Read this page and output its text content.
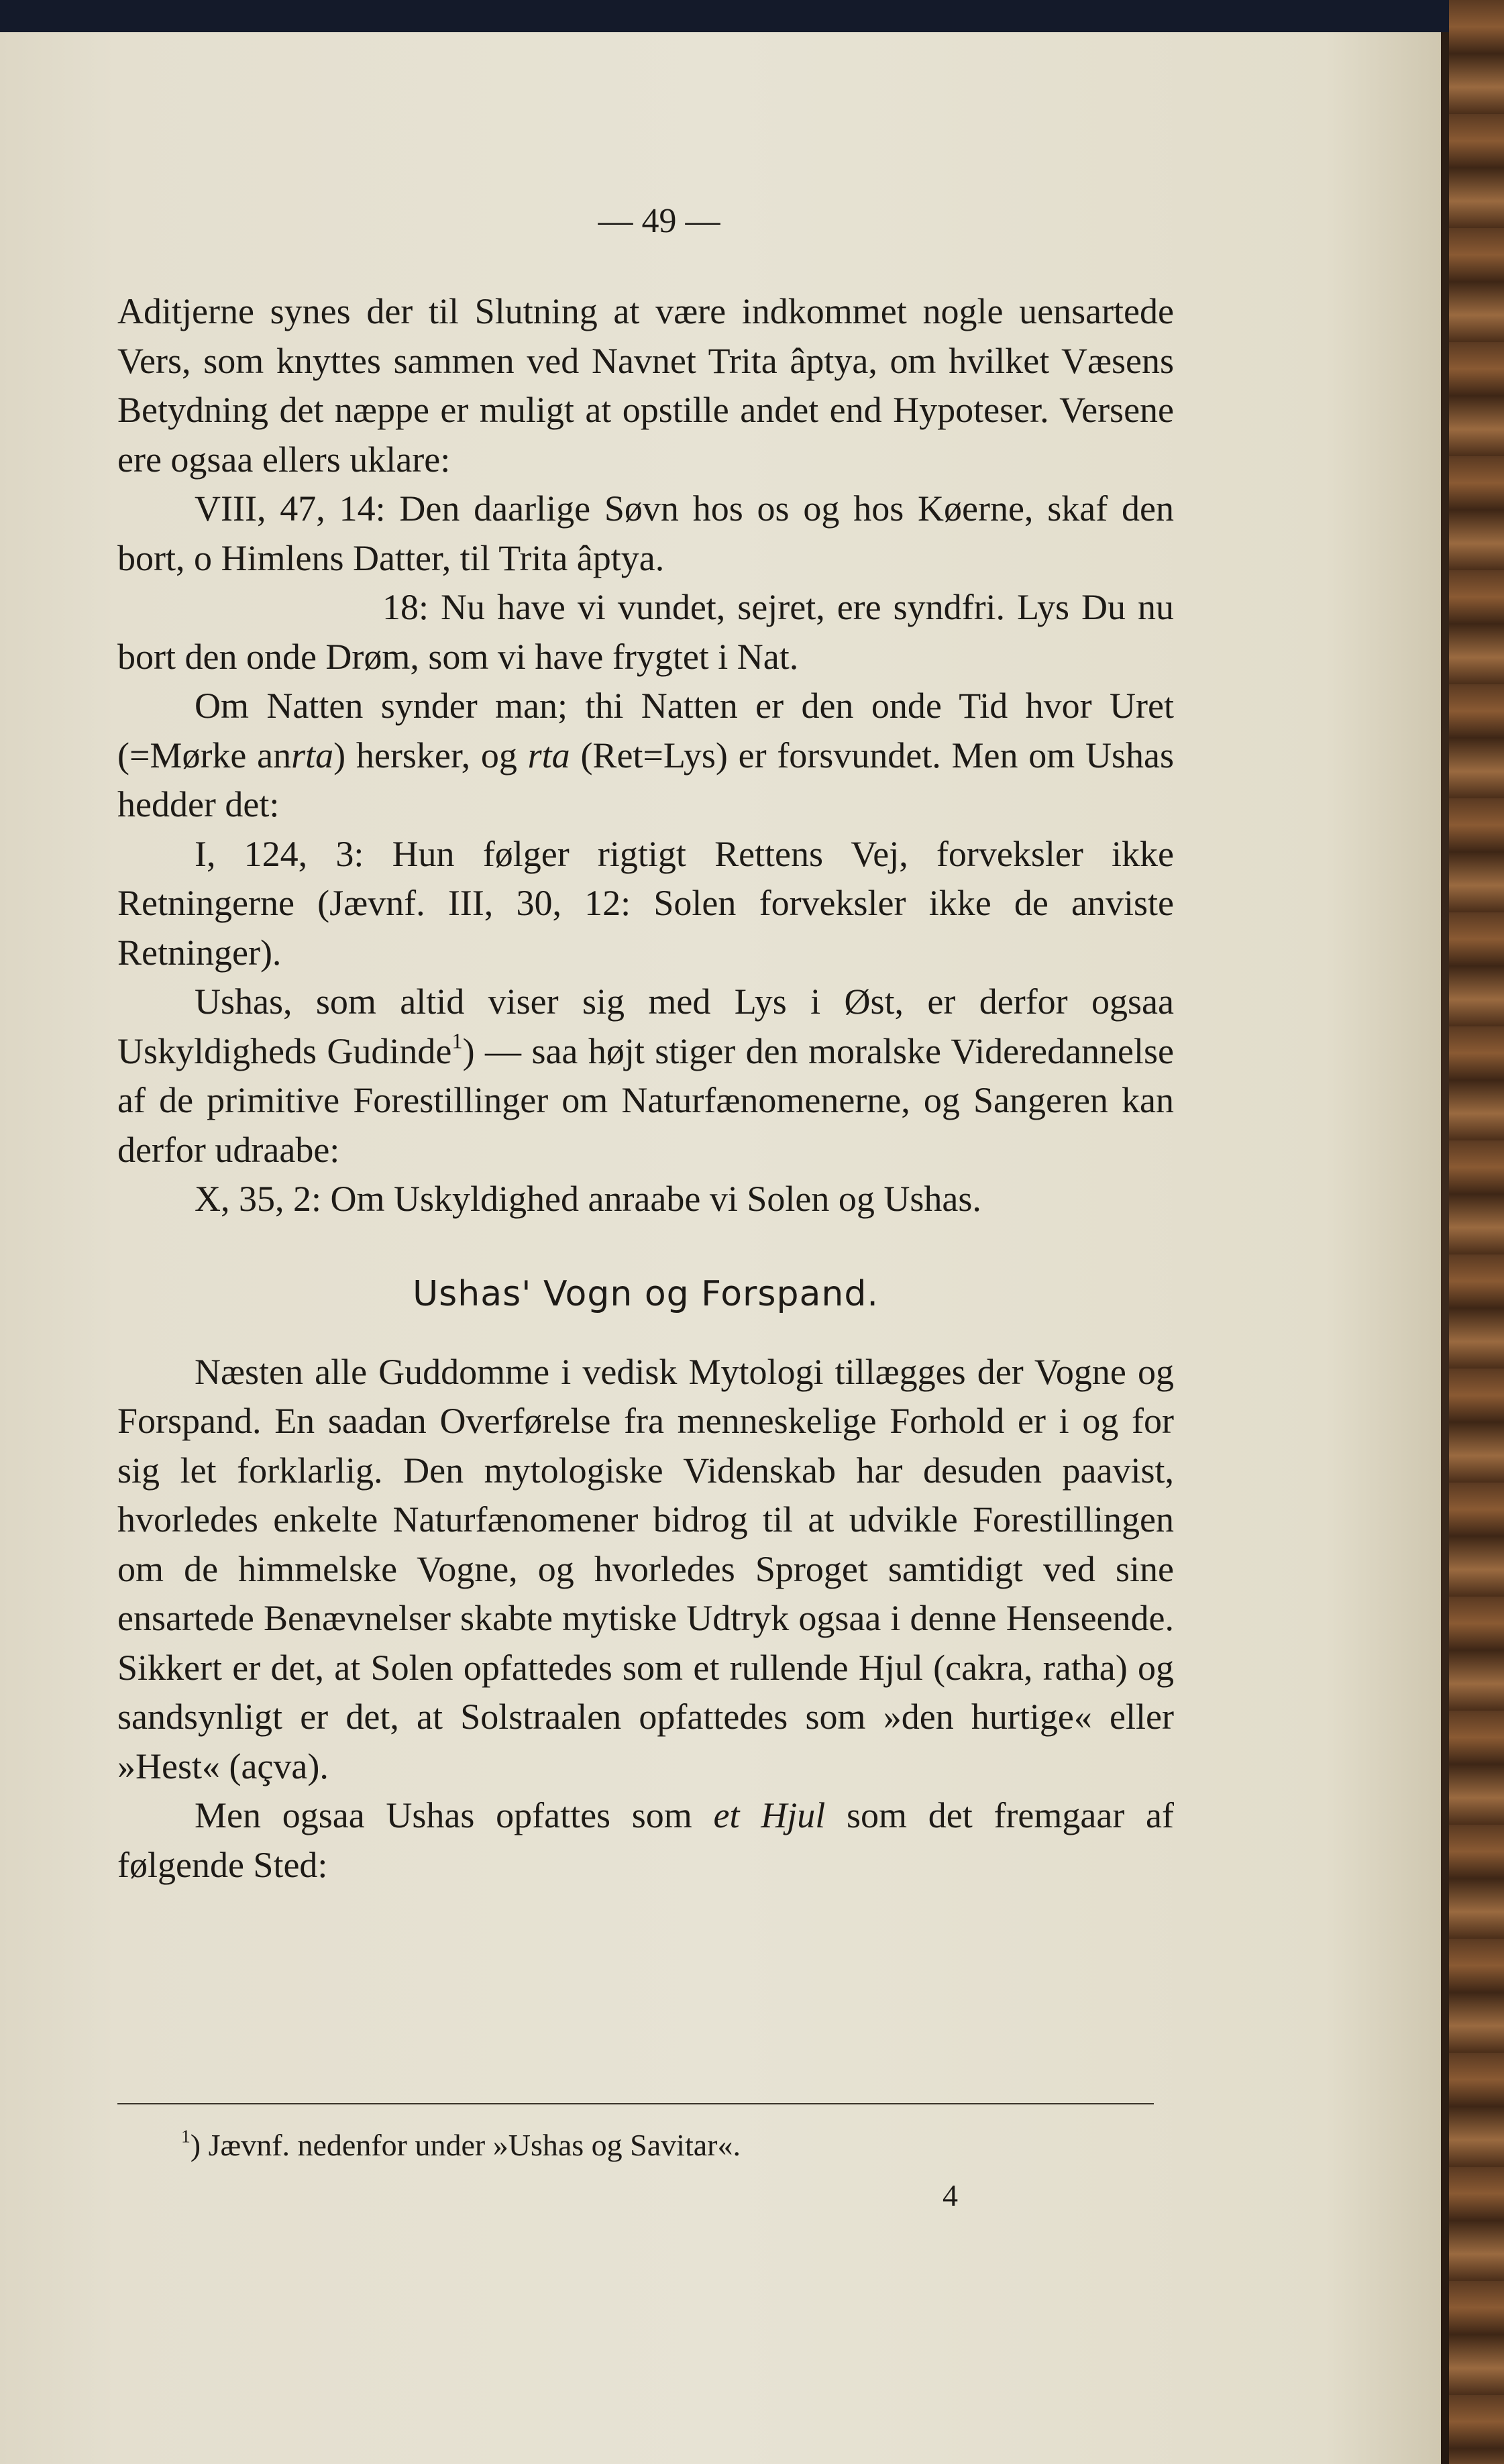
— 49 —

Aditjerne synes der til Slutning at være indkommet nogle uensartede Vers, som knyttes sammen ved Navnet Trita âptya, om hvilket Væsens Betydning det næppe er muligt at opstille andet end Hypoteser. Versene ere ogsaa ellers uklare:

VIII, 47, 14: Den daarlige Søvn hos os og hos Køerne, skaf den bort, o Himlens Datter, til Trita âptya.

18: Nu have vi vundet, sejret, ere syndfri. Lys Du nu bort den onde Drøm, som vi have frygtet i Nat.

Om Natten synder man; thi Natten er den onde Tid hvor Uret (=Mørke anrta) hersker, og rta (Ret=Lys) er forsvundet. Men om Ushas hedder det:

I, 124, 3: Hun følger rigtigt Rettens Vej, forveksler ikke Retningerne (Jævnf. III, 30, 12: Solen forveksler ikke de anviste Retninger).

Ushas, som altid viser sig med Lys i Øst, er derfor ogsaa Uskyldigheds Gudinde$^1$) — saa højt stiger den moralske Videredannelse af de primitive Forestillinger om Naturfænomenerne, og Sangeren kan derfor udraabe:

X, 35, 2: Om Uskyldighed anraabe vi Solen og Ushas.

Ushas' Vogn og Forspand.

Næsten alle Guddomme i vedisk Mytologi tillægges der Vogne og Forspand. En saadan Overførelse fra menneskelige Forhold er i og for sig let forklarlig. Den mytologiske Videnskab har desuden paavist, hvorledes enkelte Naturfænomener bidrog til at udvikle Forestillingen om de himmelske Vogne, og hvorledes Sproget samtidigt ved sine ensartede Benævnelser skabte mytiske Udtryk ogsaa i denne Henseende. Sikkert er det, at Solen opfattedes som et rullende Hjul (cakra, ratha) og sandsynligt er det, at Solstraalen opfattedes som »den hurtige« eller »Hest« (açva).

Men ogsaa Ushas opfattes som et Hjul som det fremgaar af følgende Sted:

$^1$) Jævnf. nedenfor under »Ushas og Savitar«.
4
